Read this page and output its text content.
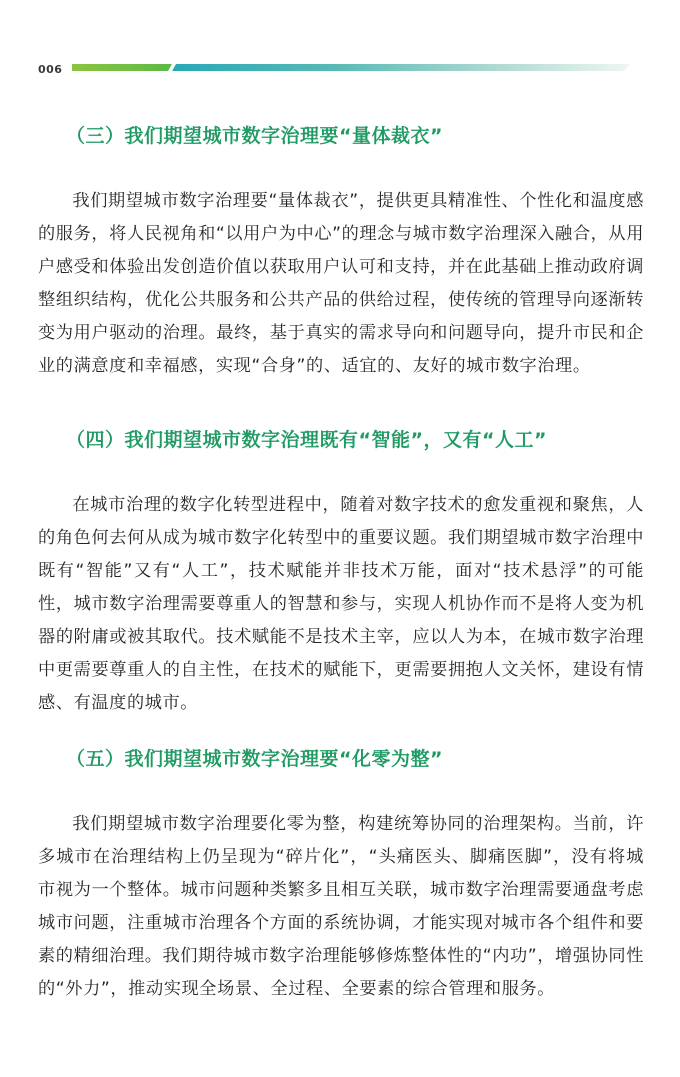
006
（三）我们期望城市数字治理要“量体裁衣”

我们期望城市数字治理要“量体裁衣”，提供更具精准性、个性化和温度感的服务，将人民视角和“以用户为中心”的理念与城市数字治理深入融合，从用户感受和体验出发创造价值以获取用户认可和支持，并在此基础上推动政府调整组织结构，优化公共服务和公共产品的供给过程，使传统的管理导向逐渐转变为用户驱动的治理。最终，基于真实的需求导向和问题导向，提升市民和企业的满意度和幸福感，实现“合身”的、适宜的、友好的城市数字治理。

（四）我们期望城市数字治理既有“智能”，又有“人工”

在城市治理的数字化转型进程中，随着对数字技术的愈发重视和聚焦，人的角色何去何从成为城市数字化转型中的重要议题。我们期望城市数字治理中既有“智能”又有“人工”，技术赋能并非技术万能，面对“技术悬浮”的可能性，城市数字治理需要尊重人的智慧和参与，实现人机协作而不是将人变为机器的附庸或被其取代。技术赋能不是技术主宰，应以人为本，在城市数字治理中更需要尊重人的自主性，在技术的赋能下，更需要拥抱人文关怀，建设有情感、有温度的城市。

（五）我们期望城市数字治理要“化零为整”

我们期望城市数字治理要化零为整，构建统筹协同的治理架构。当前，许多城市在治理结构上仍呈现为“碎片化”，“头痛医头、脚痛医脚”，没有将城市视为一个整体。城市问题种类繁多且相互关联，城市数字治理需要通盘考虑城市问题，注重城市治理各个方面的系统协调，才能实现对城市各个组件和要素的精细治理。我们期待城市数字治理能够修炼整体性的“内功”，增强协同性的“外力”，推动实现全场景、全过程、全要素的综合管理和服务。
